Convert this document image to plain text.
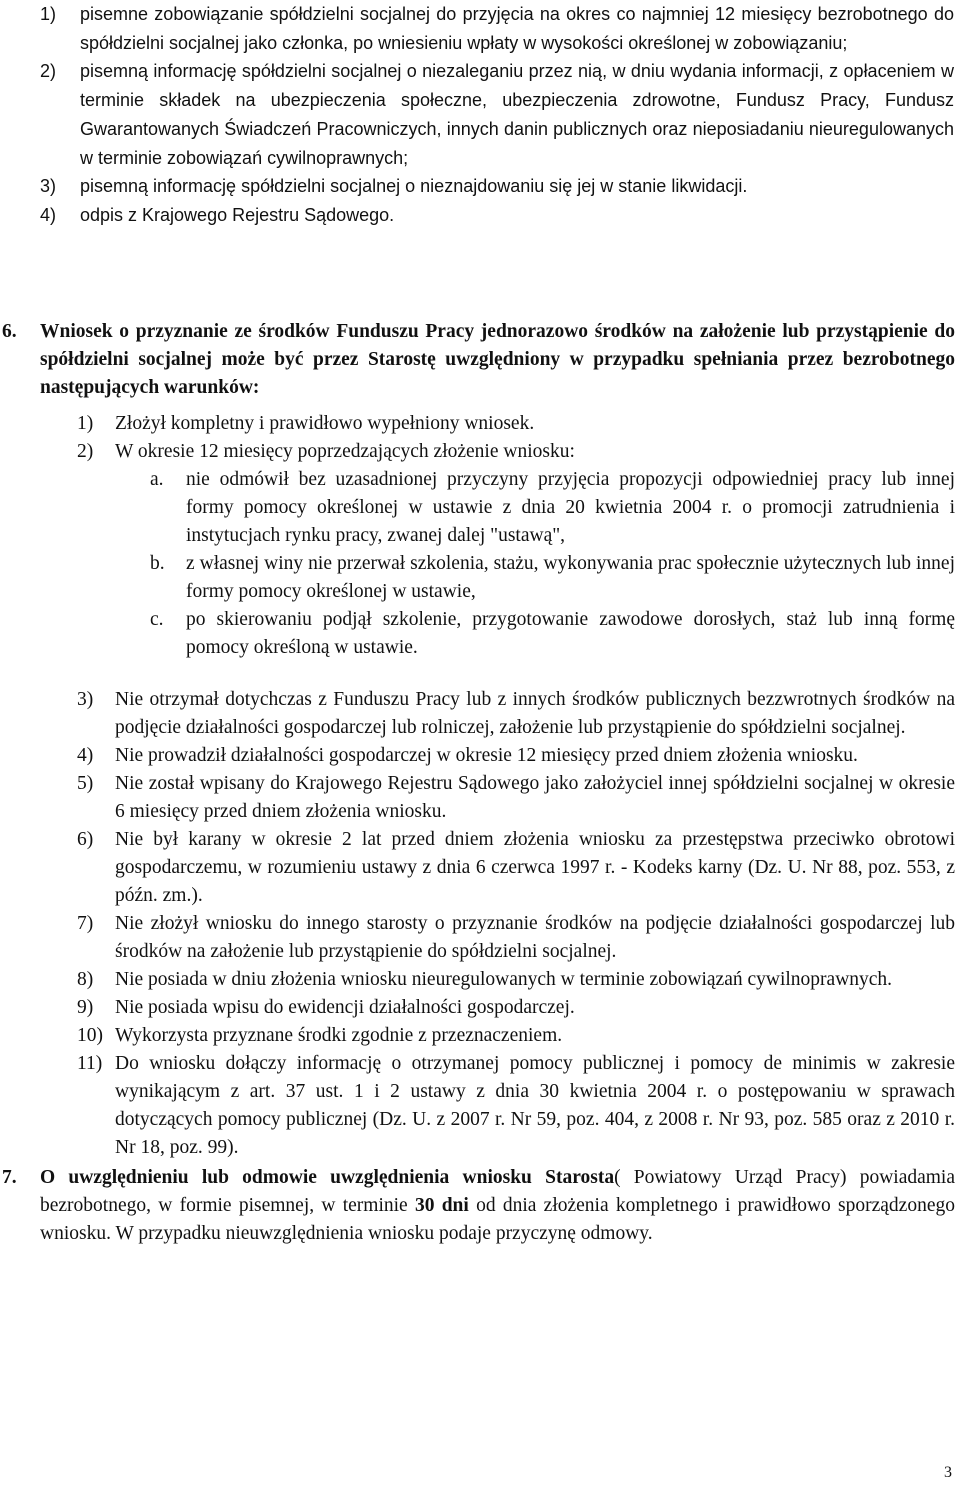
1)	pisemne zobowiązanie spółdzielni socjalnej do przyjęcia na okres co najmniej 12 miesięcy bezrobotnego do spółdzielni socjalnej jako członka, po wniesieniu wpłaty w wysokości określonej w zobowiązaniu;
2)	pisemną informację spółdzielni socjalnej o niezaleganiu przez nią, w dniu wydania informacji, z opłaceniem w terminie składek na ubezpieczenia społeczne, ubezpieczenia zdrowotne, Fundusz Pracy, Fundusz Gwarantowanych Świadczeń Pracowniczych, innych danin publicznych oraz nieposiadaniu nieuregulowanych w terminie zobowiązań cywilnoprawnych;
3)	pisemną informację spółdzielni socjalnej o nieznajdowaniu się jej w stanie likwidacji.
4)	odpis z Krajowego Rejestru Sądowego.
6.	Wniosek o przyznanie ze środków Funduszu Pracy jednorazowo środków na założenie lub przystąpienie do spółdzielni socjalnej może być przez Starostę uwzględniony w przypadku spełniania przez bezrobotnego następujących warunków:
1)	Złożył kompletny i prawidłowo wypełniony wniosek.
2)	W okresie 12 miesięcy poprzedzających złożenie wniosku:
a.	nie odmówił bez uzasadnionej przyczyny przyjęcia propozycji odpowiedniej pracy lub innej formy pomocy określonej w ustawie z dnia 20 kwietnia 2004 r. o promocji zatrudnienia i instytucjach rynku pracy, zwanej dalej "ustawą",
b.	z własnej winy nie przerwał szkolenia, stażu, wykonywania prac społecznie użytecznych lub innej formy pomocy określonej w ustawie,
c.	po skierowaniu podjął szkolenie, przygotowanie zawodowe dorosłych, staż lub inną formę pomocy określoną w ustawie.
3)	Nie otrzymał dotychczas z Funduszu Pracy lub z innych środków publicznych bezzwrotnych środków na podjęcie działalności gospodarczej lub rolniczej, założenie lub przystąpienie do spółdzielni socjalnej.
4)	Nie prowadził działalności gospodarczej w okresie 12 miesięcy przed dniem złożenia wniosku.
5)	Nie został wpisany do Krajowego Rejestru Sądowego jako założyciel innej spółdzielni socjalnej w okresie 6 miesięcy przed dniem złożenia wniosku.
6)	Nie był karany w okresie 2 lat przed dniem złożenia wniosku za przestępstwa przeciwko obrotowi gospodarczemu, w rozumieniu ustawy z dnia 6 czerwca 1997 r. - Kodeks karny (Dz. U. Nr 88, poz. 553, z późn. zm.).
7)	Nie złożył wniosku do innego starosty o przyznanie środków na podjęcie działalności gospodarczej lub środków na założenie lub przystąpienie do spółdzielni socjalnej.
8)	Nie posiada w dniu złożenia wniosku nieuregulowanych w terminie zobowiązań cywilnoprawnych.
9)	Nie posiada wpisu do ewidencji działalności gospodarczej.
10) Wykorzysta przyznane środki zgodnie z przeznaczeniem.
11) Do wniosku dołączy informację o otrzymanej pomocy publicznej i pomocy de minimis w zakresie wynikającym z art. 37 ust. 1 i 2 ustawy z dnia 30 kwietnia 2004 r. o postępowaniu w sprawach dotyczących pomocy publicznej (Dz. U. z 2007 r. Nr 59, poz. 404, z 2008 r. Nr 93, poz. 585 oraz z 2010 r. Nr 18, poz. 99).
7.	O uwzględnieniu lub odmowie uwzględnienia wniosku Starosta( Powiatowy Urząd Pracy) powiadamia bezrobotnego, w formie pisemnej, w terminie 30 dni od dnia złożenia kompletnego i prawidłowo sporządzonego wniosku. W przypadku nieuwzględnienia wniosku podaje przyczynę odmowy.
3
